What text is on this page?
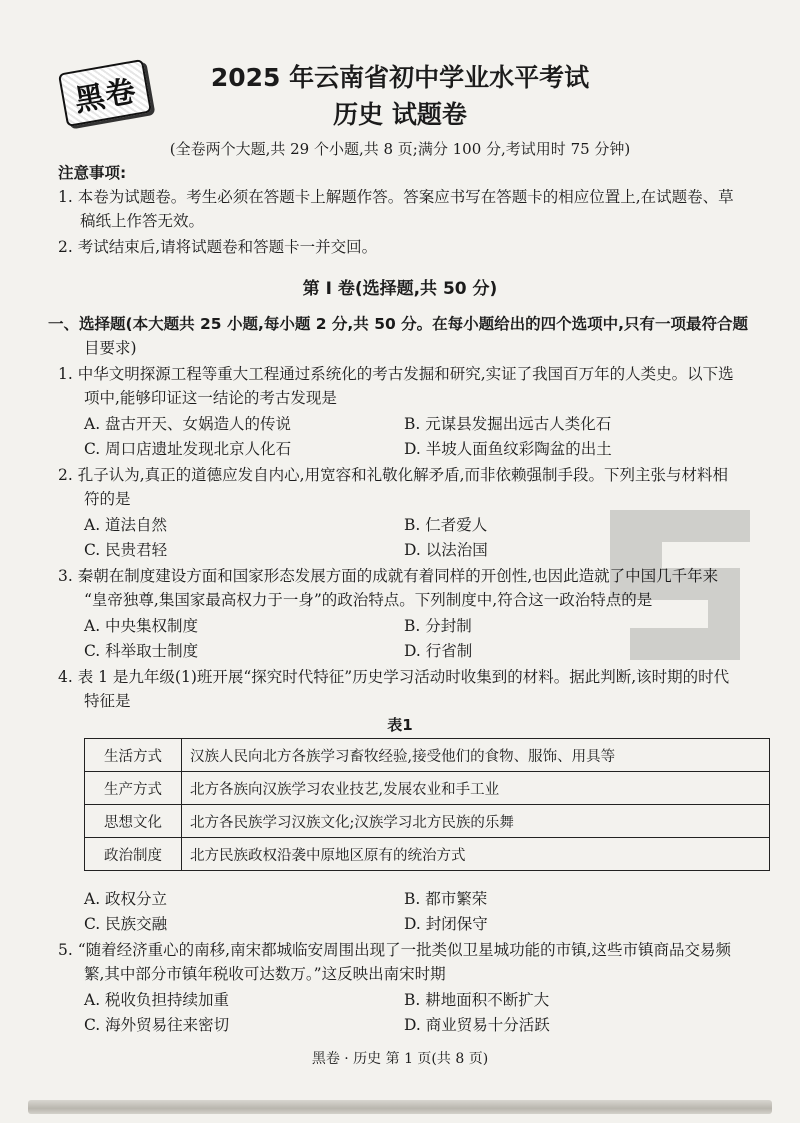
黑卷	2025 年云南省初中学业水平考试
历史 试题卷
(全卷两个大题,共 29 个小题,共 8 页;满分 100 分,考试用时 75 分钟)
注意事项:
1. 本卷为试题卷。考生必须在答题卡上解题作答。答案应书写在答题卡的相应位置上,在试题卷、草
稿纸上作答无效。
2. 考试结束后,请将试题卷和答题卡一并交回。
第 I 卷(选择题,共 50 分)
一、选择题(本大题共 25 小题,每小题 2 分,共 50 分。在每小题给出的四个选项中,只有一项最符合题
目要求)
1. 中华文明探源工程等重大工程通过系统化的考古发掘和研究,实证了我国百万年的人类史。以下选
项中,能够印证这一结论的考古发现是
A. 盘古开天、女娲造人的传说	B. 元谋县发掘出远古人类化石
C. 周口店遗址发现北京人化石	D. 半坡人面鱼纹彩陶盆的出土
2. 孔子认为,真正的道德应发自内心,用宽容和礼敬化解矛盾,而非依赖强制手段。下列主张与材料相
符的是
A. 道法自然	B. 仁者爱人
C. 民贵君轻	D. 以法治国
3. 秦朝在制度建设方面和国家形态发展方面的成就有着同样的开创性,也因此造就了中国几千年来
“皇帝独尊,集国家最高权力于一身”的政治特点。下列制度中,符合这一政治特点的是
A. 中央集权制度	B. 分封制
C. 科举取士制度	D. 行省制
4. 表 1 是九年级(1)班开展“探究时代特征”历史学习活动时收集到的材料。据此判断,该时期的时代
特征是
表1
生活方式	汉族人民向北方各族学习畜牧经验,接受他们的食物、服饰、用具等
生产方式	北方各族向汉族学习农业技艺,发展农业和手工业
思想文化	北方各民族学习汉族文化;汉族学习北方民族的乐舞
政治制度	北方民族政权沿袭中原地区原有的统治方式
A. 政权分立	B. 都市繁荣
C. 民族交融	D. 封闭保守
5. “随着经济重心的南移,南宋都城临安周围出现了一批类似卫星城功能的市镇,这些市镇商品交易频
繁,其中部分市镇年税收可达数万。”这反映出南宋时期
A. 税收负担持续加重	B. 耕地面积不断扩大
C. 海外贸易往来密切	D. 商业贸易十分活跃
黑卷 · 历史 第 1 页(共 8 页)
